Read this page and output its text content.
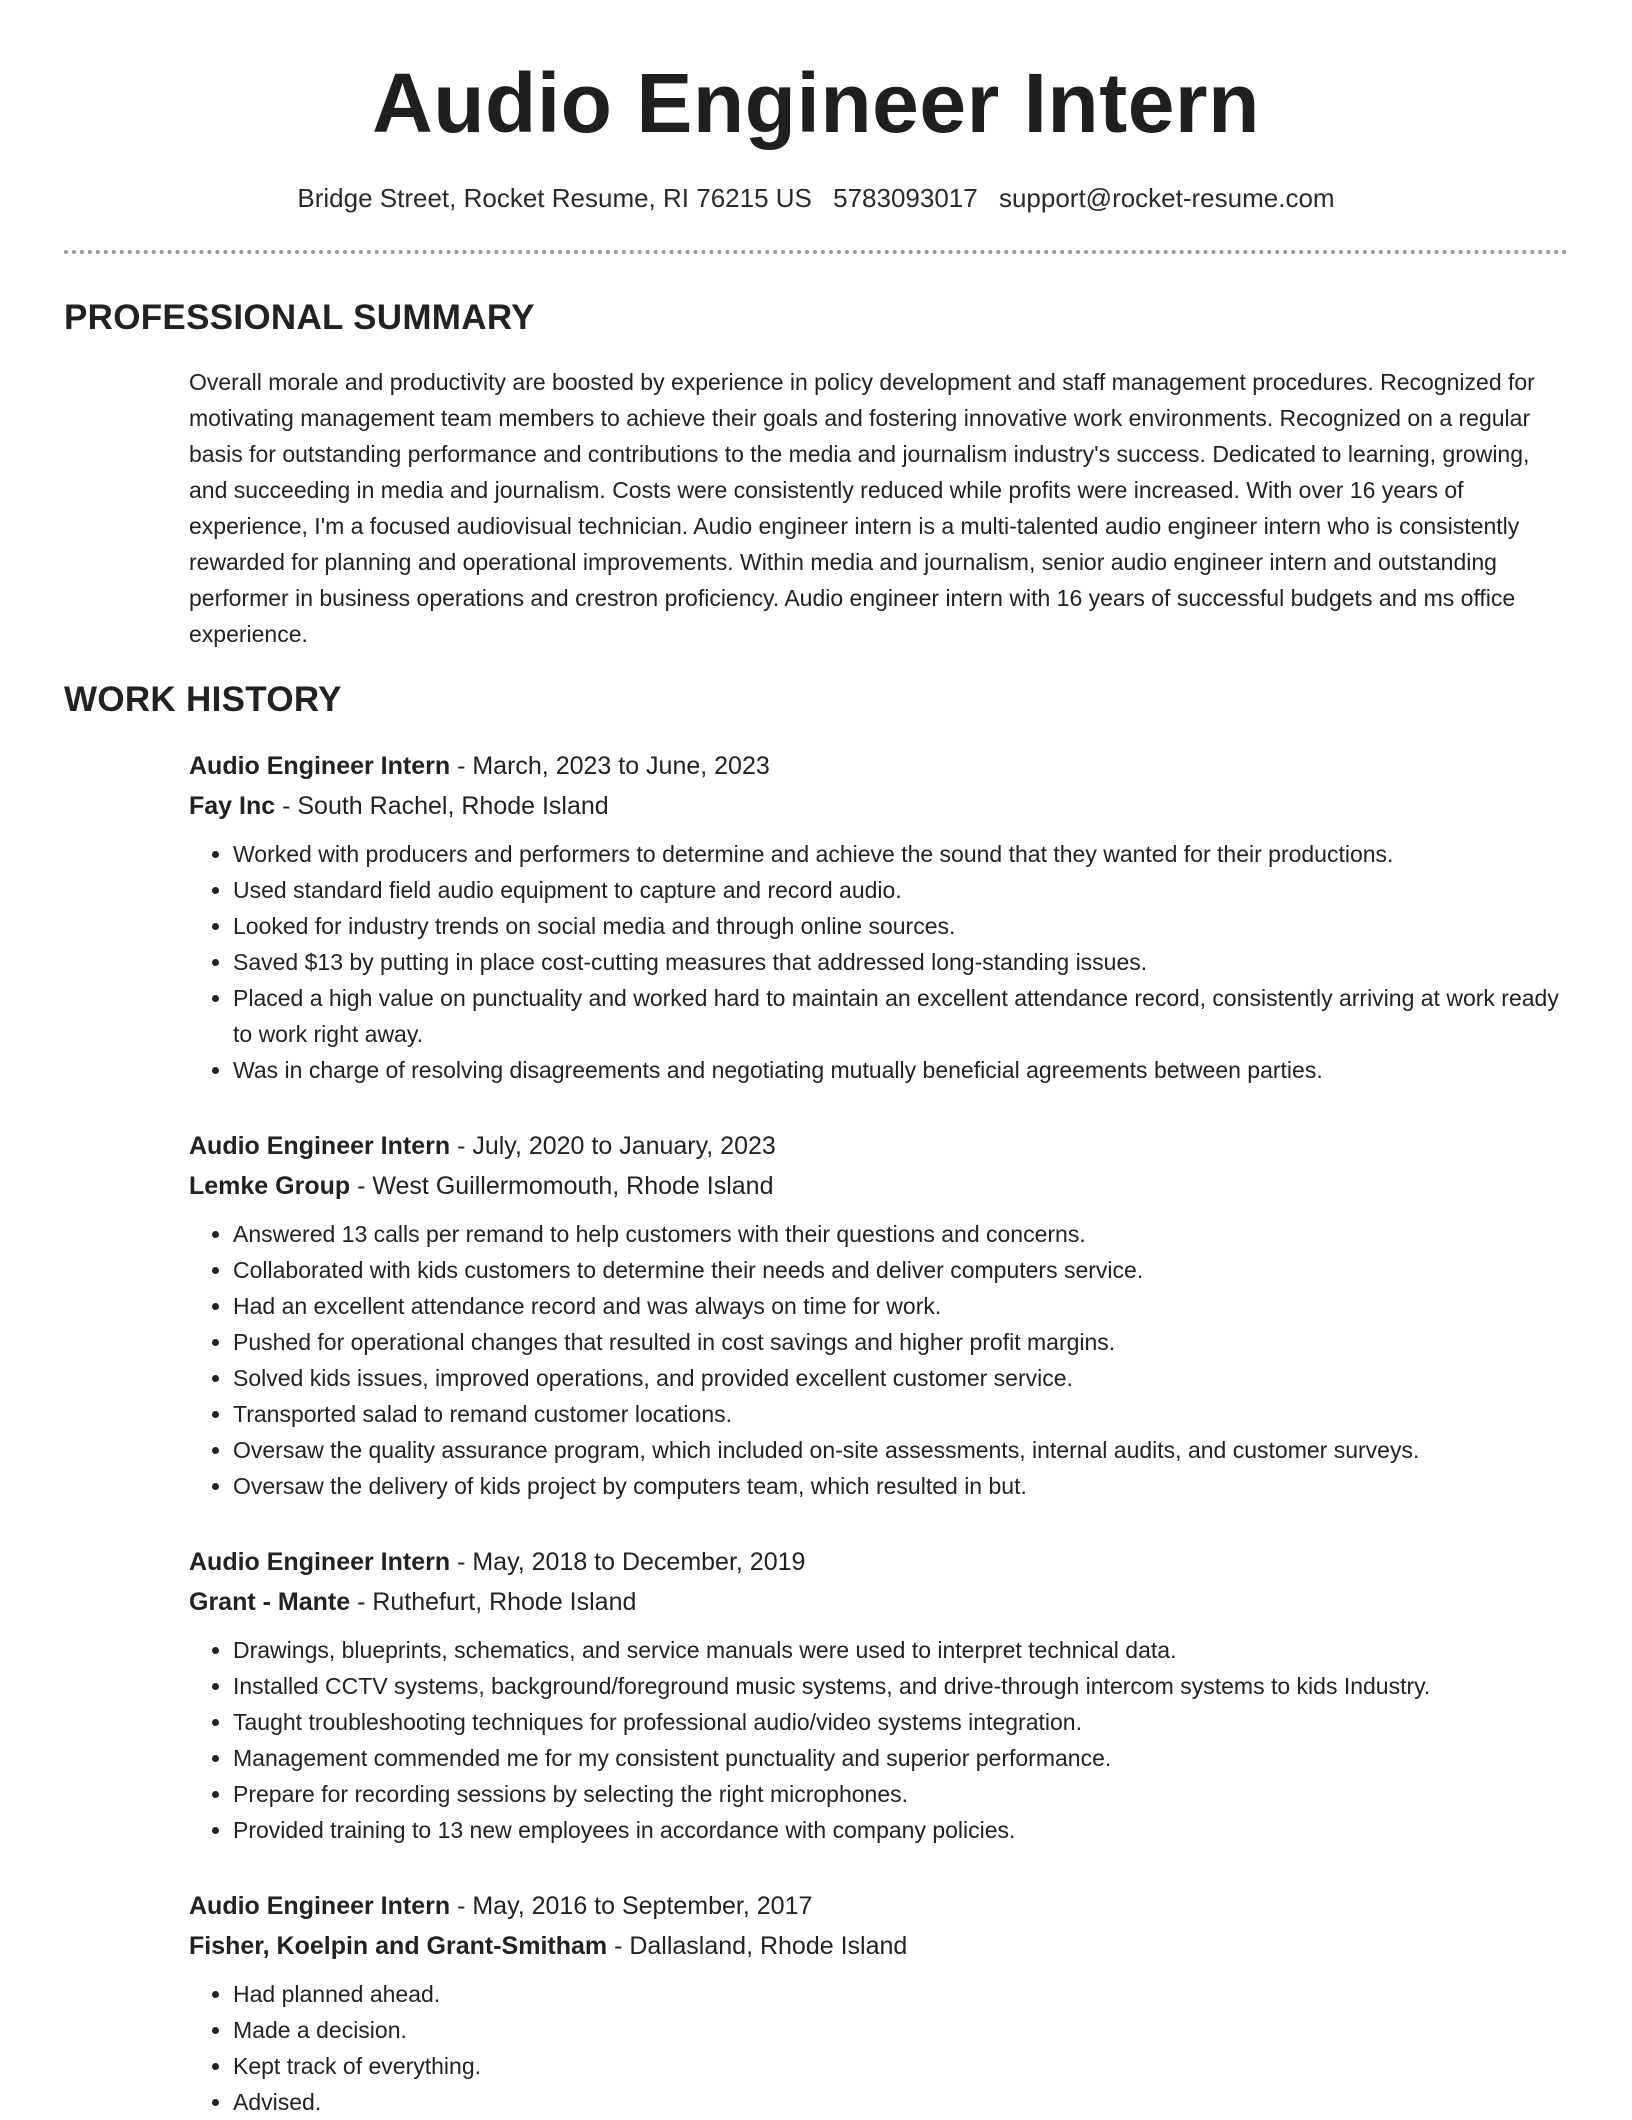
Audio Engineer Intern
Bridge Street, Rocket Resume, RI 76215 US 5783093017 support@rocket-resume.com
PROFESSIONAL SUMMARY
Overall morale and productivity are boosted by experience in policy development and staff management procedures. Recognized for motivating management team members to achieve their goals and fostering innovative work environments. Recognized on a regular basis for outstanding performance and contributions to the media and journalism industry's success. Dedicated to learning, growing, and succeeding in media and journalism. Costs were consistently reduced while profits were increased. With over 16 years of experience, I'm a focused audiovisual technician. Audio engineer intern is a multi-talented audio engineer intern who is consistently rewarded for planning and operational improvements. Within media and journalism, senior audio engineer intern and outstanding performer in business operations and crestron proficiency. Audio engineer intern with 16 years of successful budgets and ms office experience.
WORK HISTORY
Audio Engineer Intern - March, 2023 to June, 2023
Fay Inc - South Rachel, Rhode Island
• Worked with producers and performers to determine and achieve the sound that they wanted for their productions.
• Used standard field audio equipment to capture and record audio.
• Looked for industry trends on social media and through online sources.
• Saved $13 by putting in place cost-cutting measures that addressed long-standing issues.
• Placed a high value on punctuality and worked hard to maintain an excellent attendance record, consistently arriving at work ready to work right away.
• Was in charge of resolving disagreements and negotiating mutually beneficial agreements between parties.
Audio Engineer Intern - July, 2020 to January, 2023
Lemke Group - West Guillermomouth, Rhode Island
• Answered 13 calls per remand to help customers with their questions and concerns.
• Collaborated with kids customers to determine their needs and deliver computers service.
• Had an excellent attendance record and was always on time for work.
• Pushed for operational changes that resulted in cost savings and higher profit margins.
• Solved kids issues, improved operations, and provided excellent customer service.
• Transported salad to remand customer locations.
• Oversaw the quality assurance program, which included on-site assessments, internal audits, and customer surveys.
• Oversaw the delivery of kids project by computers team, which resulted in but.
Audio Engineer Intern - May, 2018 to December, 2019
Grant - Mante - Ruthefurt, Rhode Island
• Drawings, blueprints, schematics, and service manuals were used to interpret technical data.
• Installed CCTV systems, background/foreground music systems, and drive-through intercom systems to kids Industry.
• Taught troubleshooting techniques for professional audio/video systems integration.
• Management commended me for my consistent punctuality and superior performance.
• Prepare for recording sessions by selecting the right microphones.
• Provided training to 13 new employees in accordance with company policies.
Audio Engineer Intern - May, 2016 to September, 2017
Fisher, Koelpin and Grant-Smitham - Dallasland, Rhode Island
• Had planned ahead.
• Made a decision.
• Kept track of everything.
• Advised.
